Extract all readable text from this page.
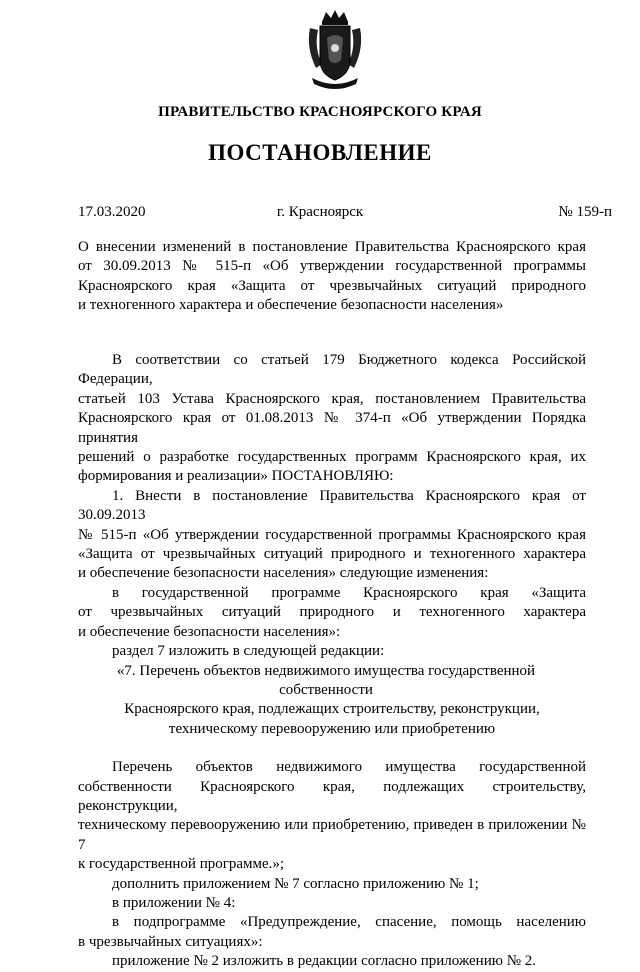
ПРАВИТЕЛЬСТВО КРАСНОЯРСКОГО КРАЯ
ПОСТАНОВЛЕНИЕ
г. Красноярск
17.03.2020	№ 159-п
О внесении изменений в постановление Правительства Красноярского края
от 30.09.2013 № 515-п «Об утверждении государственной программы
Красноярского края «Защита от чрезвычайных ситуаций природного
и техногенного характера и обеспечение безопасности населения»
В соответствии со статьей 179 Бюджетного кодекса Российской Федерации,
статьей 103 Устава Красноярского края, постановлением Правительства
Красноярского края от 01.08.2013 № 374-п «Об утверждении Порядка принятия
решений о разработке государственных программ Красноярского края, их
формирования и реализации» ПОСТАНОВЛЯЮ:
1. Внести в постановление Правительства Красноярского края от 30.09.2013
№ 515-п «Об утверждении государственной программы Красноярского края
«Защита от чрезвычайных ситуаций природного и техногенного характера
и обеспечение безопасности населения» следующие изменения:
в государственной программе Красноярского края «Защита
от чрезвычайных ситуаций природного и техногенного характера
и обеспечение безопасности населения»:
раздел 7 изложить в следующей редакции:
«7. Перечень объектов недвижимого имущества государственной собственности
Красноярского края, подлежащих строительству, реконструкции,
техническому перевооружению или приобретению
Перечень объектов недвижимого имущества государственной
собственности Красноярского края, подлежащих строительству, реконструкции,
техническому перевооружению или приобретению, приведен в приложении № 7
к государственной программе.»;
дополнить приложением № 7 согласно приложению № 1;
в приложении № 4:
в подпрограмме «Предупреждение, спасение, помощь населению
в чрезвычайных ситуациях»:
приложение № 2 изложить в редакции согласно приложению № 2.
